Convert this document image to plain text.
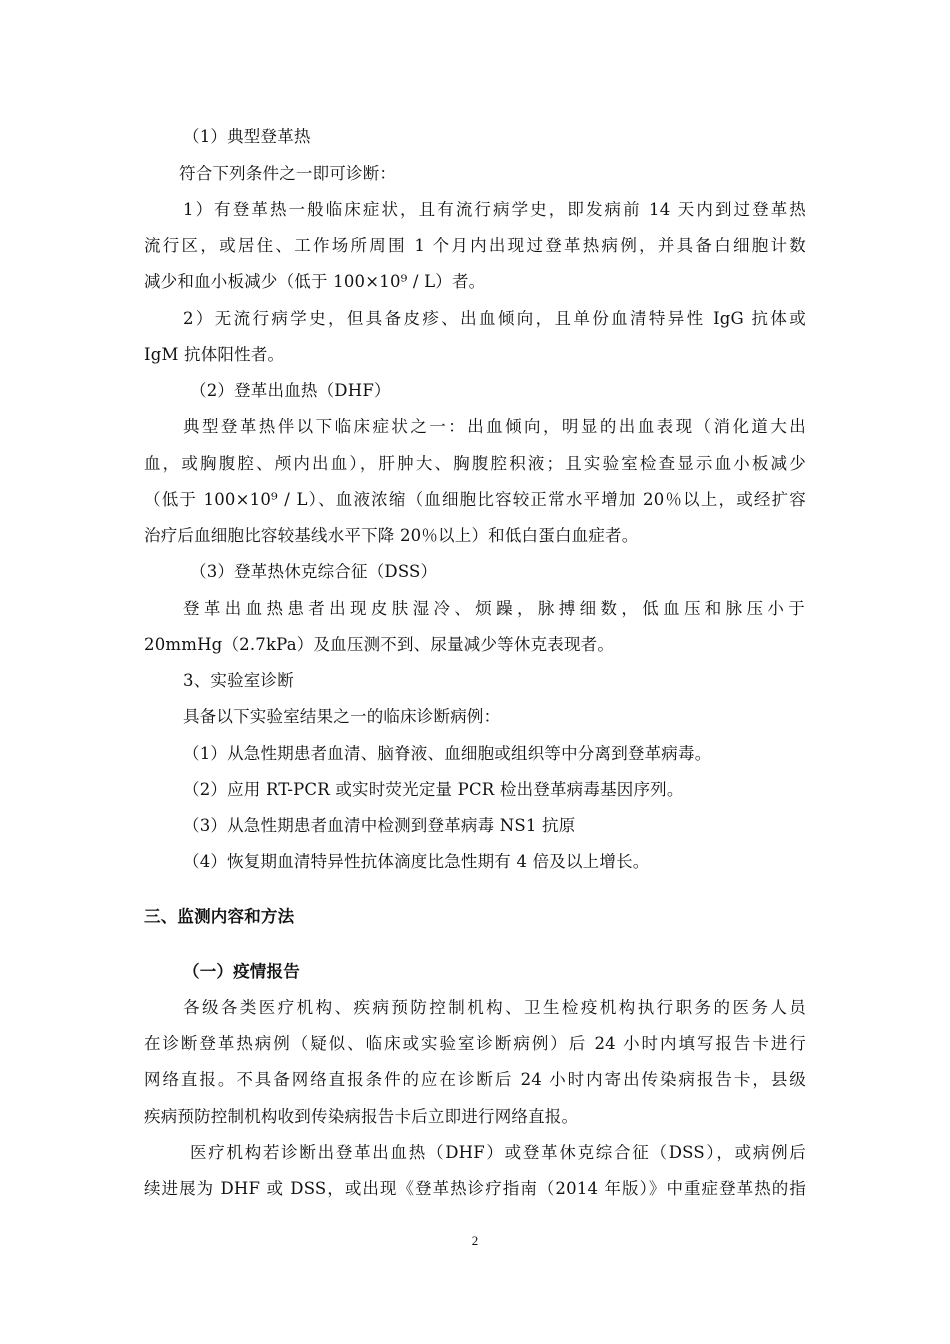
（1）典型登革热
符合下列条件之一即可诊断：
1）有登革热一般临床症状，且有流行病学史，即发病前 14 天内到过登革热
流行区，或居住、工作场所周围 1 个月内出现过登革热病例，并具备白细胞计数
减少和血小板减少（低于 100×10⁹ / L）者。
2）无流行病学史，但具备皮疹、出血倾向，且单份血清特异性 IgG 抗体或
IgM 抗体阳性者。
（2）登革出血热（DHF）
典型登革热伴以下临床症状之一：出血倾向，明显的出血表现（消化道大出
血，或胸腹腔、颅内出血），肝肿大、胸腹腔积液；且实验室检查显示血小板减少
（低于 100×10⁹ / L）、血液浓缩（血细胞比容较正常水平增加 20％以上，或经扩容
治疗后血细胞比容较基线水平下降 20％以上）和低白蛋白血症者。
（3）登革热休克综合征（DSS）
登革出血热患者出现皮肤湿冷、烦躁，脉搏细数，低血压和脉压小于
20mmHg（2.7kPa）及血压测不到、尿量减少等休克表现者。
3、实验室诊断
具备以下实验室结果之一的临床诊断病例：
（1）从急性期患者血清、脑脊液、血细胞或组织等中分离到登革病毒。
（2）应用 RT-PCR 或实时荧光定量 PCR 检出登革病毒基因序列。
（3）从急性期患者血清中检测到登革病毒 NS1 抗原
（4）恢复期血清特异性抗体滴度比急性期有 4 倍及以上增长。
三、监测内容和方法
（一）疫情报告
各级各类医疗机构、疾病预防控制机构、卫生检疫机构执行职务的医务人员
在诊断登革热病例（疑似、临床或实验室诊断病例）后 24 小时内填写报告卡进行
网络直报。不具备网络直报条件的应在诊断后 24 小时内寄出传染病报告卡，县级
疾病预防控制机构收到传染病报告卡后立即进行网络直报。
医疗机构若诊断出登革出血热（DHF）或登革休克综合征（DSS），或病例后
续进展为 DHF 或 DSS，或出现《登革热诊疗指南（2014 年版）》中重症登革热的指
2
